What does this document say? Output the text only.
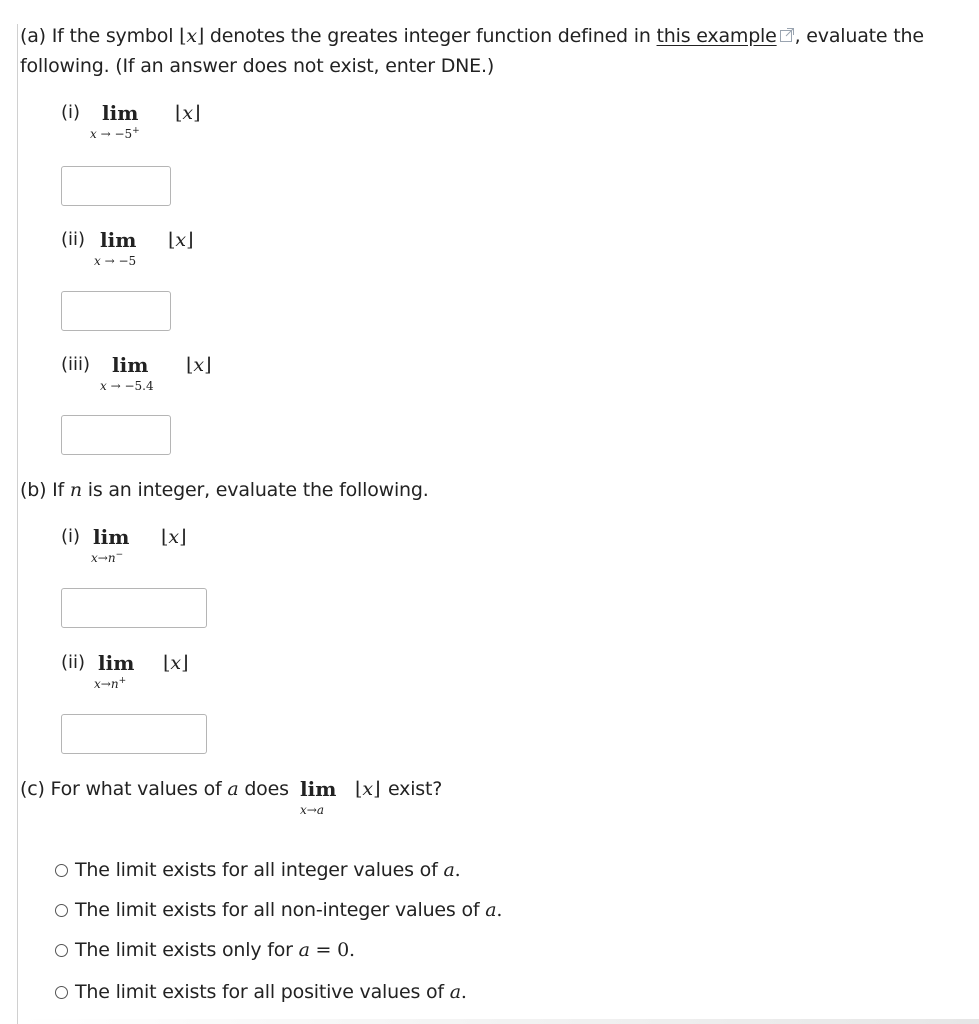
(a) If the symbol ⌊x⌋ denotes the greates integer function defined in this example , evaluate the
following. (If an answer does not exist, enter DNE.)
(i) lim
x → −5+
⌊x⌋
(ii) lim
x → −5
⌊x⌋
(iii) lim
x → −5.4
⌊x⌋
(b) If n is an integer, evaluate the following.
(i) lim
x→n−
⌊x⌋
(ii) lim
x→n+
⌊x⌋
(c) For what values of a does lim
x→a
⌊x⌋ exist?
The limit exists for all integer values of a.
The limit exists for all non-integer values of a.
The limit exists only for a = 0.
The limit exists for all positive values of a.
